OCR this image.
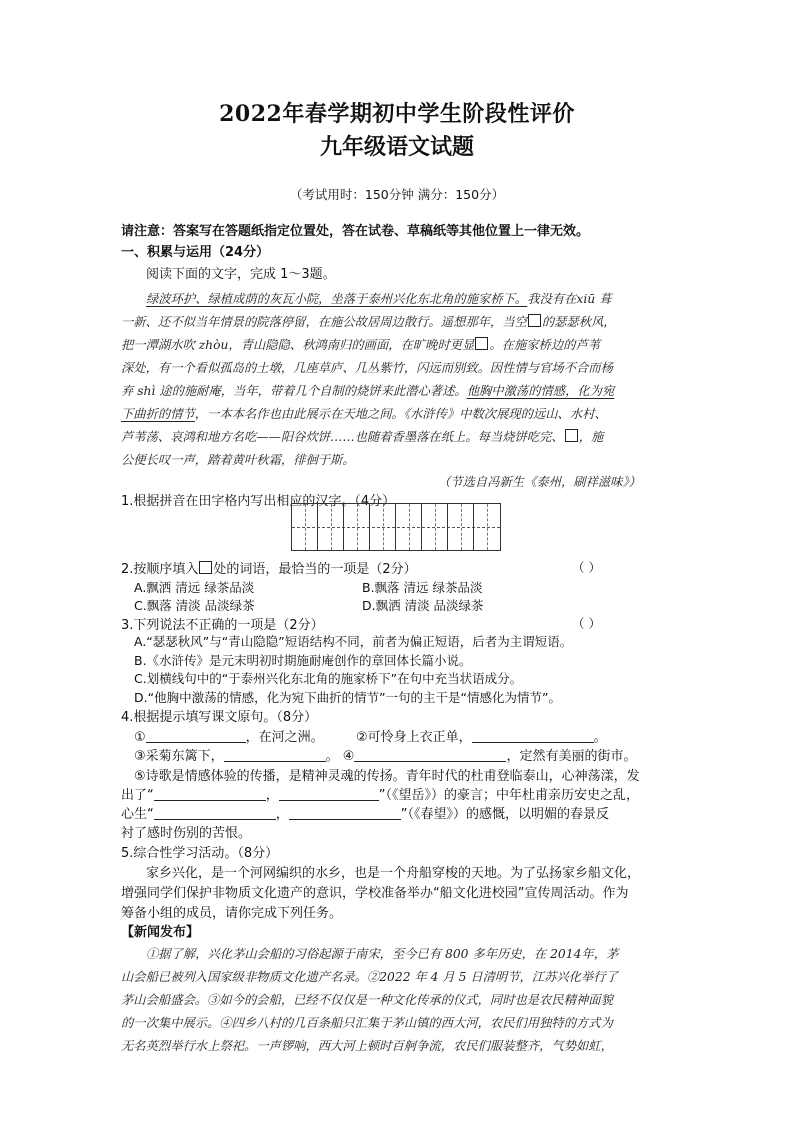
2022年春学期初中学生阶段性评价
九年级语文试题
（考试用时：150分钟 满分：150分）
请注意：答案写在答题纸指定位置处，答在试卷、草稿纸等其他位置上一律无效。
一、积累与运用（24分）
阅读下面的文字，完成 1～3题。
绿波环护、绿植成荫的灰瓦小院，坐落于泰州兴化东北角的施家桥下。我没有在xiū 葺
一新、还不似当年情景的院落停留，在施公故居周边散行。遥想那年，当空 的瑟瑟秋风，
把一潭湖水吹 zhòu，青山隐隐、秋鸿南归的画面，在旷晚时更显 。在施家桥边的芦苇
深处，有一个看似孤岛的土墩，几座草庐、几丛紫竹，闪远而别致。因性情与官场不合而杨
弃 shì 途的施耐庵，当年，带着几个自制的烧饼来此潜心著述。他胸中激荡的情感，化为宛
下曲折的情节，一本本名作也由此展示在天地之间。《水浒传》中数次展现的远山、水村、
芦苇荡、哀鸿和地方名吃——阳谷炊饼……也随着香墨落在纸上。每当烧饼吃完、 ，施
公便长叹一声，踏着黄叶秋霜，徘徊于斯。
（节选自冯新生《泰州，刷祥滋味》）
1.根据拼音在田字格内写出相应的汉字。（4分）
2.按顺序填入 处的词语，最恰当的一项是（2分）	（ ）
A.飘洒 清远 绿茶品淡	B.飘落 清远 绿茶品淡
C.飘落 清淡 品淡绿茶	D.飘洒 清淡 品淡绿茶
3.下列说法不正确的一项是（2分）	（ ）
A.“瑟瑟秋风”与“青山隐隐”短语结构不同，前者为偏正短语，后者为主谓短语。
B.《水浒传》是元末明初时期施耐庵创作的章回体长篇小说。
C.划横线句中的“于泰州兴化东北角的施家桥下”在句中充当状语成分。
D.“他胸中激荡的情感，化为宛下曲折的情节”一句的主干是“情感化为情节”。
4.根据提示填写课文原句。（8分）
①	，在河之洲。 ②可怜身上衣正单，	。
③采菊东篱下，	。 ④	，定然有美丽的街市。
⑤诗歌是情感体验的传播，是精神灵魂的传扬。青年时代的杜甫登临泰山，心神荡漾，发
出了“	，	”（《望岳》）的豪言；中年杜甫亲历安史之乱，
心生“	，	”（《春望》）的感慨，以明媚的春景反
衬了感时伤别的苦恨。
5.综合性学习活动。（8分）
家乡兴化，是一个河网编织的水乡，也是一个舟船穿梭的天地。为了弘扬家乡船文化，
增强同学们保护非物质文化遗产的意识，学校准备举办“船文化进校园”宣传周活动。作为
筹备小组的成员，请你完成下列任务。
【新闻发布】
①据了解，兴化茅山会船的习俗起源于南宋，至今已有 800 多年历史，在 2014年，茅
山会船已被列入国家级非物质文化遗产名录。②2022 年 4 月 5 日清明节，江苏兴化举行了
茅山会船盛会。③如今的会船，已经不仅仅是一种文化传承的仪式，同时也是农民精神面貌
的一次集中展示。④四乡八村的几百条船只汇集于茅山镇的西大河，农民们用独特的方式为
无名英烈举行水上祭祀。一声锣响，西大河上顿时百舸争流，农民们服装整齐，气势如虹，
